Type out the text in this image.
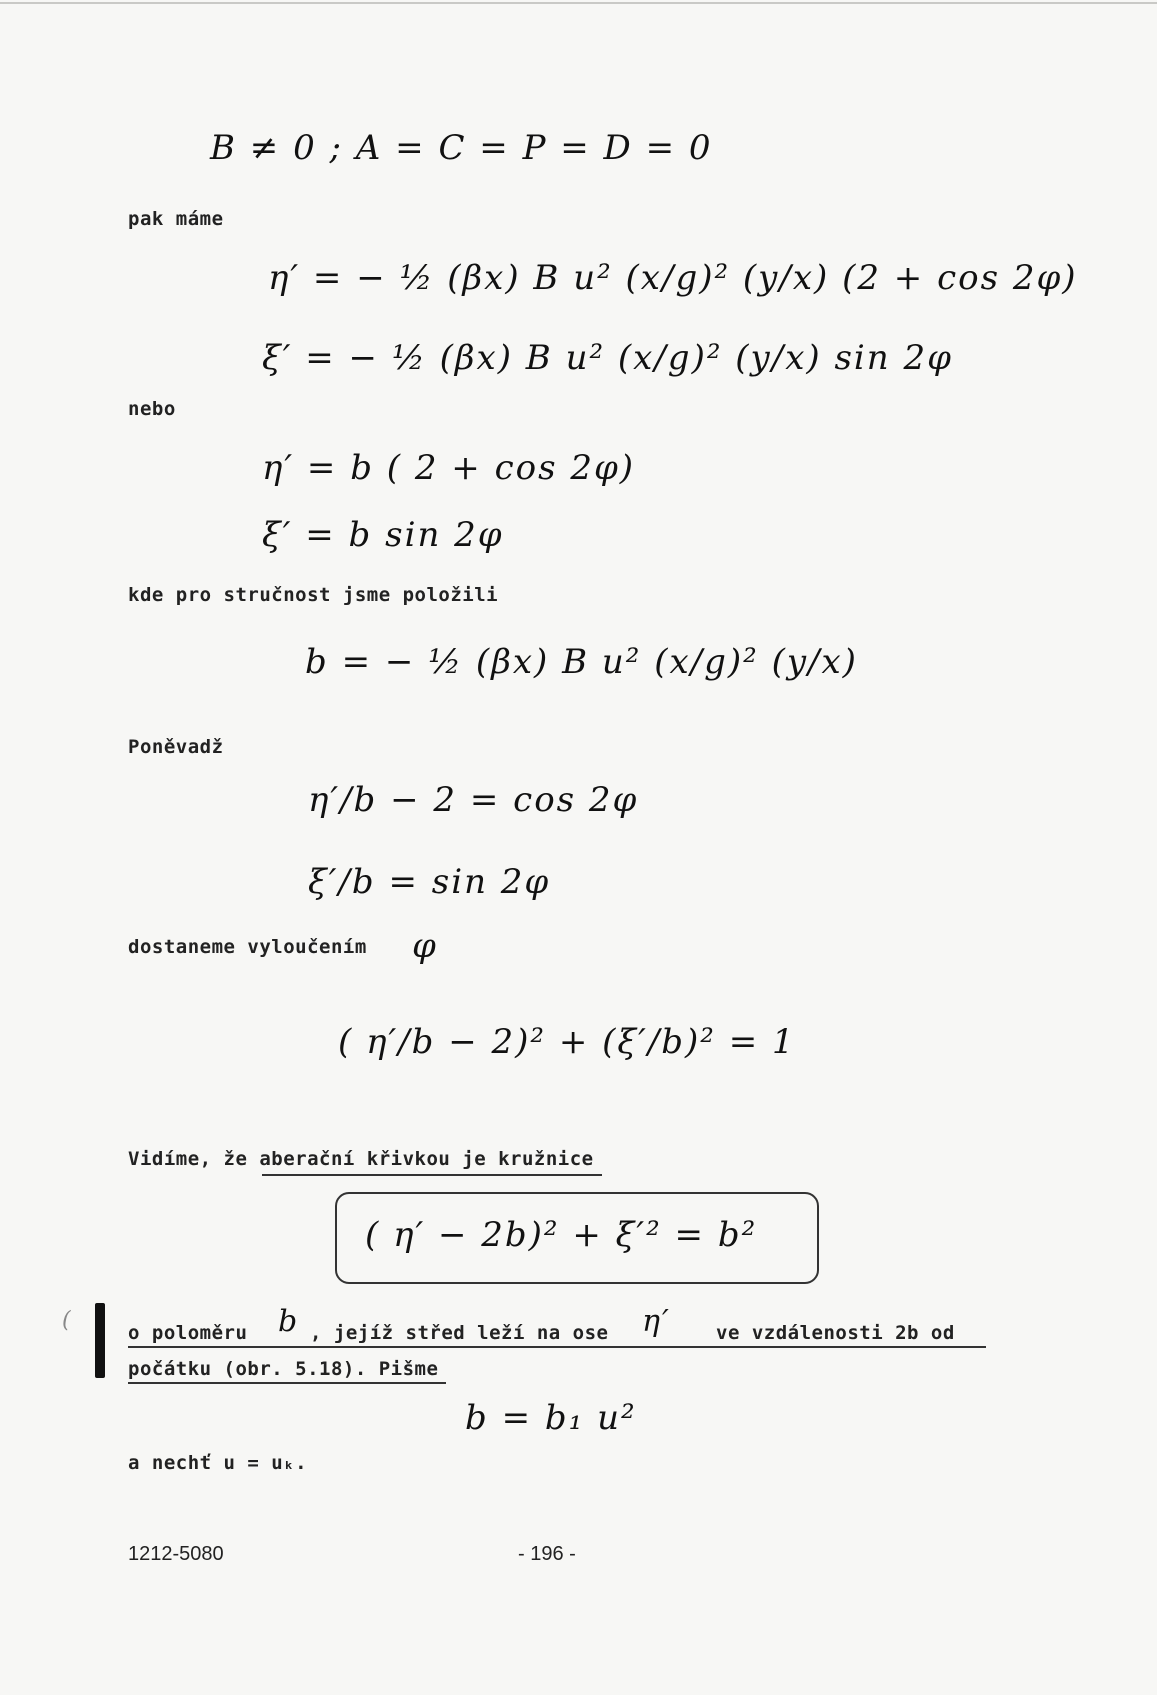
B ≠ 0 ; A = C = P = D = 0
pak máme
η′ = − ½ (βx) B u² (x/g)² (y/x) (2 + cos 2φ)
ξ′ = − ½ (βx) B u² (x/g)² (y/x) sin 2φ
nebo
η′ = b ( 2 + cos 2φ)
ξ′ = b sin 2φ
kde pro stručnost jsme položili
b = − ½ (βx) B u² (x/g)² (y/x)
Poněvadž
η′/b − 2 = cos 2φ
ξ′/b = sin 2φ
dostaneme vyloučením φ
( η′/b − 2)² + (ξ′/b)² = 1
Vidíme, že aberační křivkou je kružnice
( η′ − 2b)² + ξ′² = b²
(	o poloměru b , jejíž střed leží na ose η′ ve vzdálenosti 2b od
počátku (obr. 5.18). Pišme
b = b₁ u²
a nechť u = uₖ.
1212-5080	- 196 -
